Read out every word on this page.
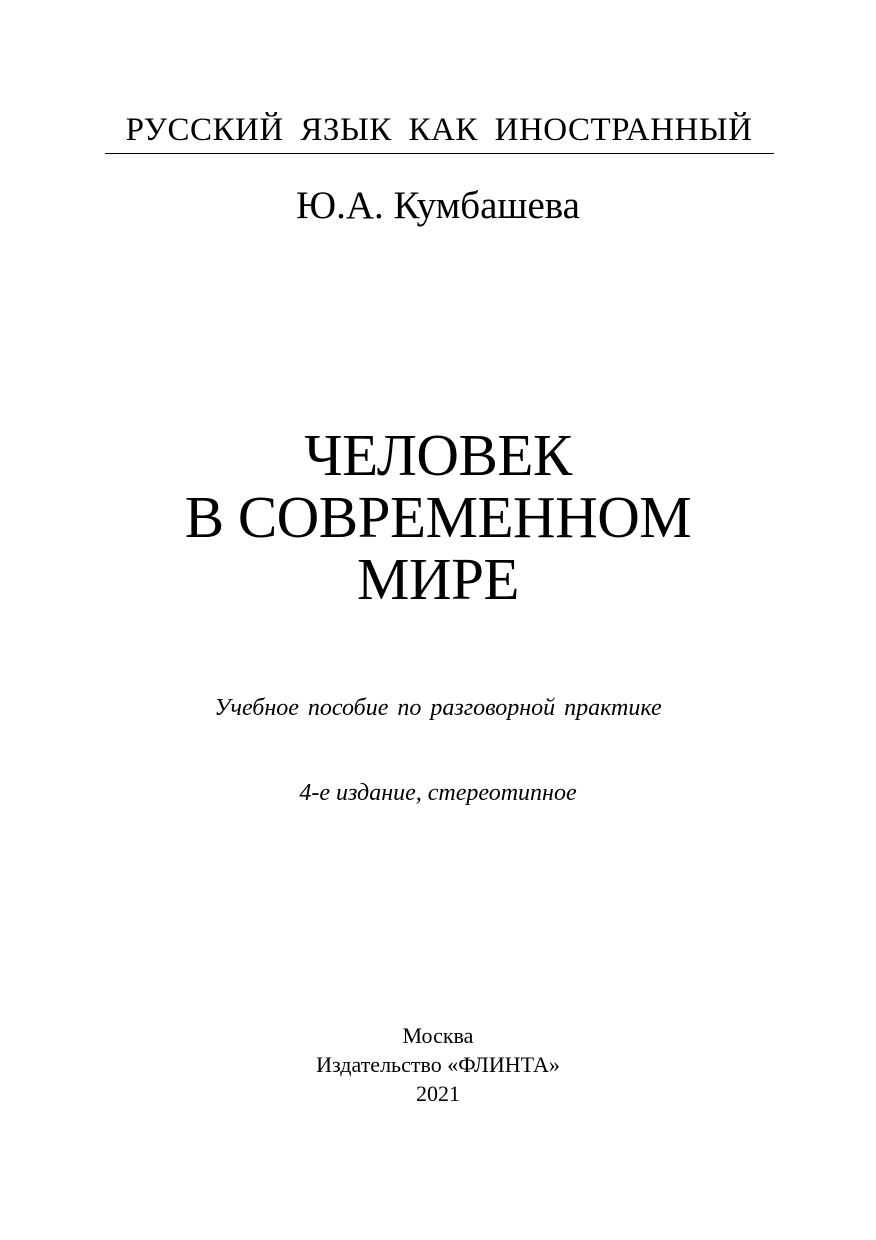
РУССКИЙ ЯЗЫК КАК ИНОСТРАННЫЙ
Ю.А. Кумбашева
ЧЕЛОВЕК
В СОВРЕМЕННОМ
МИРЕ
Учебное пособие по разговорной практике
4-е издание, стереотипное
Москва
Издательство «ФЛИНТА»
2021
